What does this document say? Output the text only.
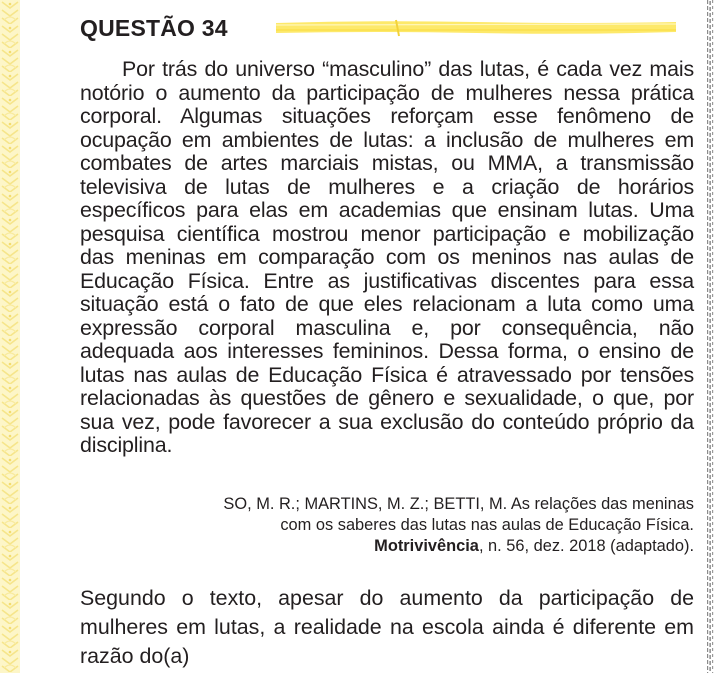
QUESTÃO 34

Por trás do universo “masculino” das lutas, é cada vez mais notório o aumento da participação de mulheres nessa prática corporal. Algumas situações reforçam esse fenômeno de ocupação em ambientes de lutas: a inclusão de mulheres em combates de artes marciais mistas, ou MMA, a transmissão televisiva de lutas de mulheres e a criação de horários específicos para elas em academias que ensinam lutas. Uma pesquisa científica mostrou menor participação e mobilização das meninas em comparação com os meninos nas aulas de Educação Física. Entre as justificativas discentes para essa situação está o fato de que eles relacionam a luta como uma expressão corporal masculina e, por consequência, não adequada aos interesses femininos. Dessa forma, o ensino de lutas nas aulas de Educação Física é atravessado por tensões relacionadas às questões de gênero e sexualidade, o que, por sua vez, pode favorecer a sua exclusão do conteúdo próprio da disciplina.

SO, M. R.; MARTINS, M. Z.; BETTI, M. As relações das meninas
com os saberes das lutas nas aulas de Educação Física.
Motrivivência, n. 56, dez. 2018 (adaptado).

Segundo o texto, apesar do aumento da participação de mulheres em lutas, a realidade na escola ainda é diferente em razão do(a)
